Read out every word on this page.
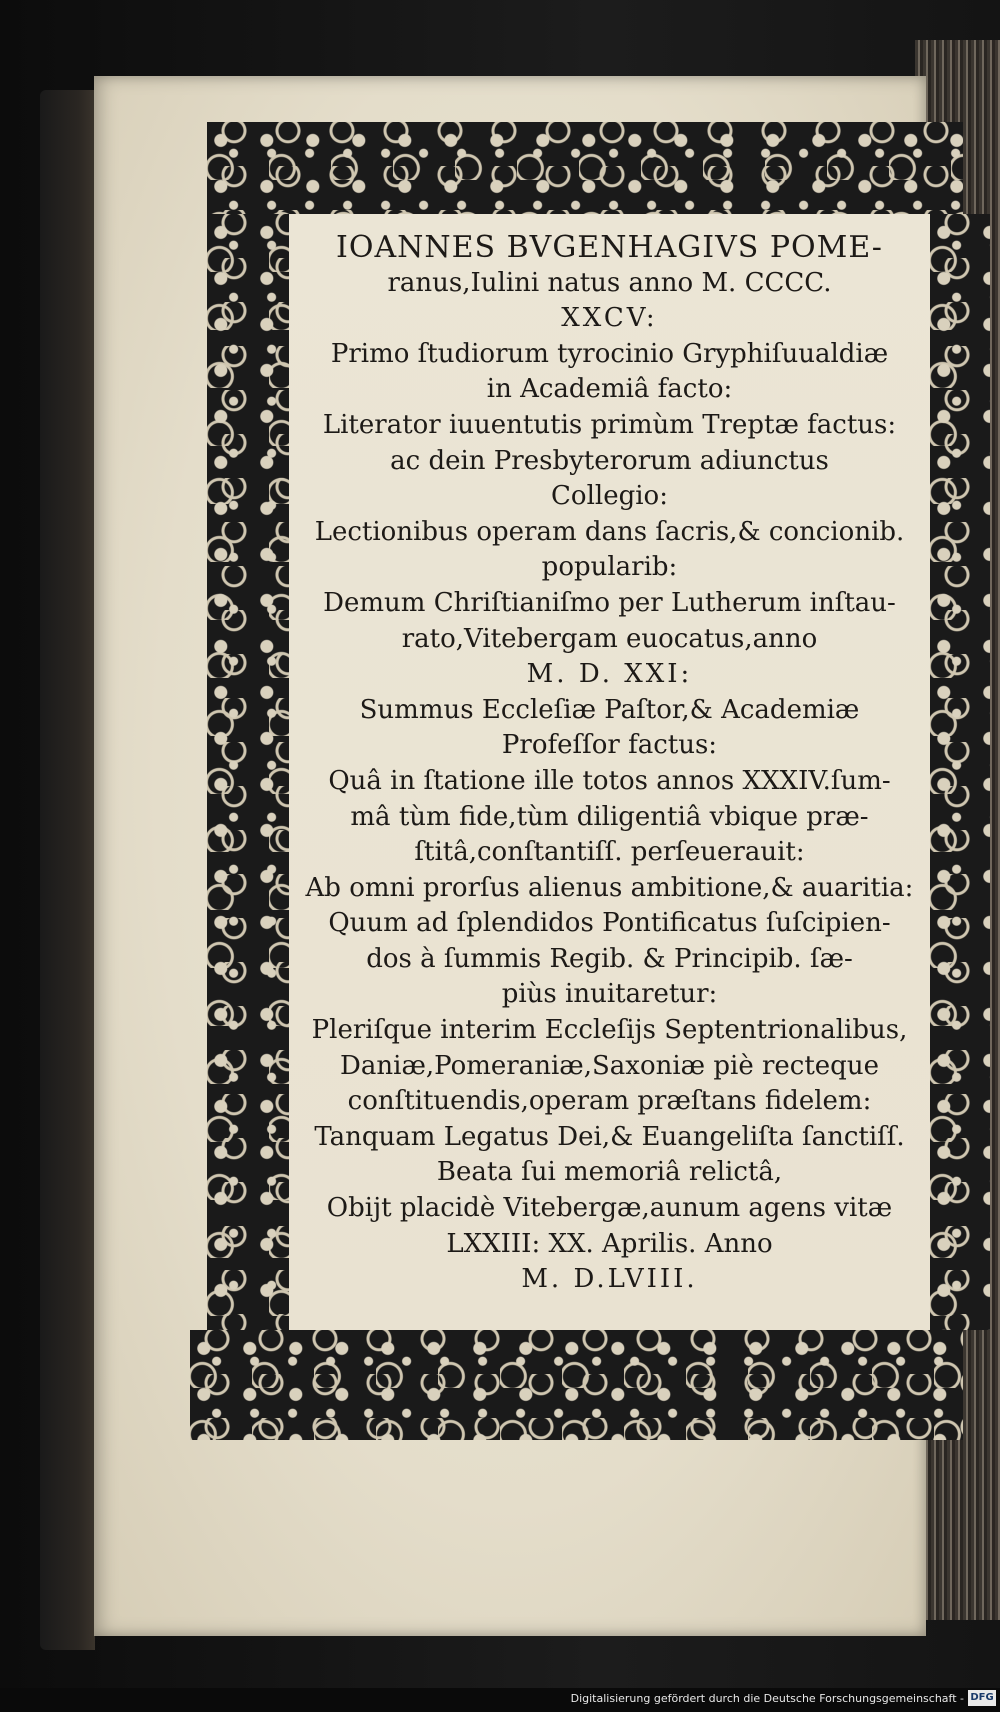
IOANNES BVGENHAGIVS POME-
ranus,Iulini natus anno M. CCCC.
XXCV:
Primo ſtudiorum tyrocinio Gryphiſuualdiæ
in Academiâ facto:
Literator iuuentutis primùm Treptæ factus:
ac dein Presbyterorum adiunctus
Collegio:
Lectionibus operam dans ſacris,& concionib.
popularib:
Demum Chriſtianiſmo per Lutherum inſtau-
rato,Vitebergam euocatus,anno
M. D. XXI:
Summus Eccleſiæ Paſtor,& Academiæ
Profeſſor factus:
Quâ in ſtatione ille totos annos XXXIV.ſum-
mâ tùm fide,tùm diligentiâ vbique præ-
ſtitâ,conſtantiſſ. perſeuerauit:
Ab omni prorſus alienus ambitione,& auaritia:
Quum ad ſplendidos Pontificatus ſuſcipien-
dos à ſummis Regib. & Principib. ſæ-
piùs inuitaretur:
Pleriſque interim Eccleſijs Septentrionalibus,
Daniæ,Pomeraniæ,Saxoniæ piè recteque
conſtituendis,operam præſtans fidelem:
Tanquam Legatus Dei,& Euangeliſta ſanctiſſ.
Beata ſui memoriâ relictâ,
Obijt placidè Vitebergæ,aunum agens vitæ
LXXIII: XX. Aprilis. Anno
M. D.LVIII.
Digitalisierung gefördert durch die Deutsche Forschungsgemeinschaft - DFG
